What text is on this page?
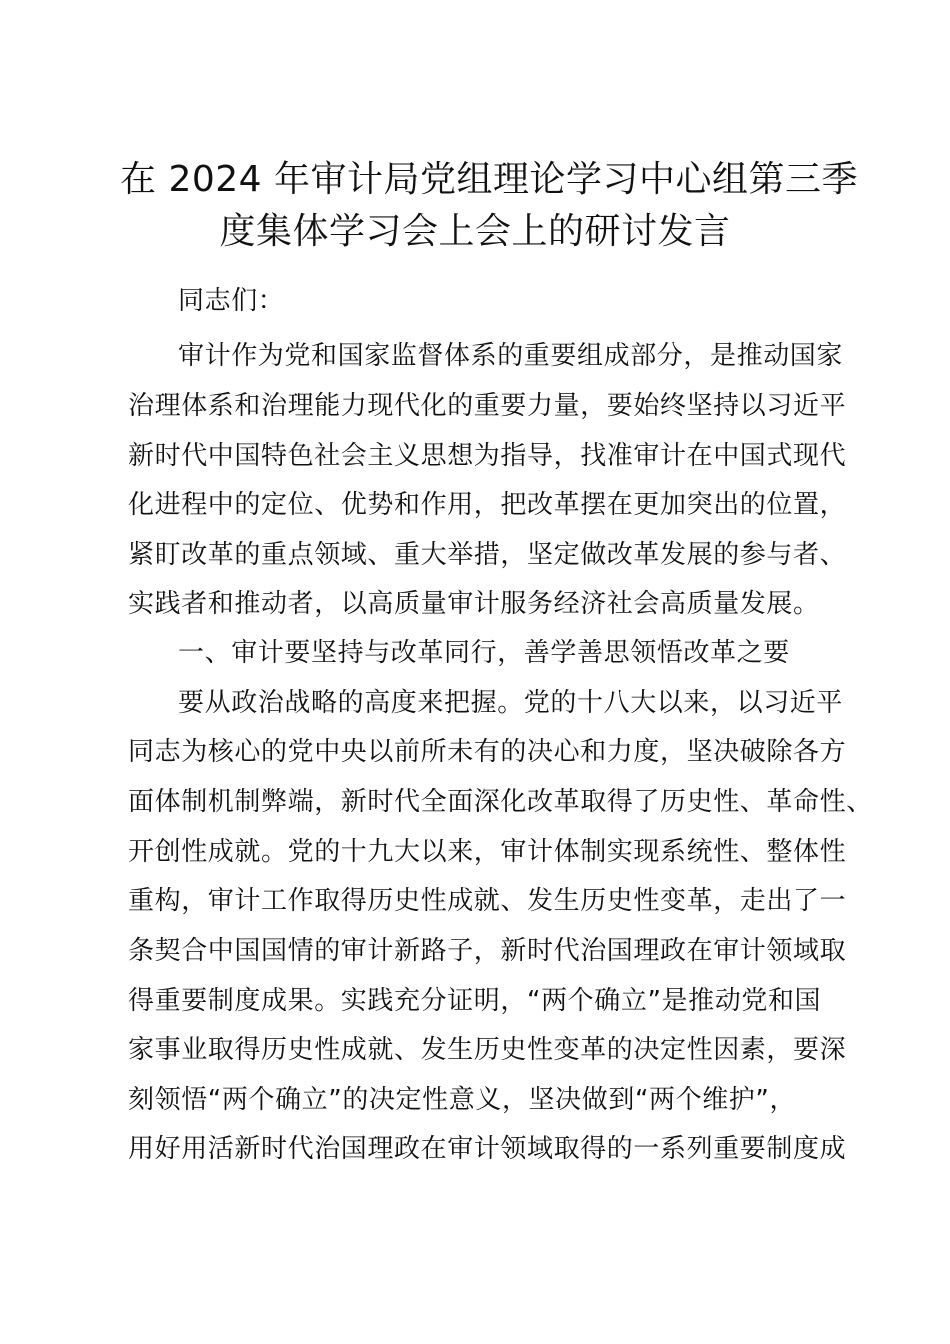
在 2024 年审计局党组理论学习中心组第三季
度集体学习会上会上的研讨发言
同志们：
审计作为党和国家监督体系的重要组成部分，是推动国家
治理体系和治理能力现代化的重要力量，要始终坚持以习近平
新时代中国特色社会主义思想为指导，找准审计在中国式现代
化进程中的定位、优势和作用，把改革摆在更加突出的位置，
紧盯改革的重点领域、重大举措，坚定做改革发展的参与者、
实践者和推动者，以高质量审计服务经济社会高质量发展。
一、审计要坚持与改革同行，善学善思领悟改革之要
要从政治战略的高度来把握。党的十八大以来，以习近平
同志为核心的党中央以前所未有的决心和力度，坚决破除各方
面体制机制弊端，新时代全面深化改革取得了历史性、革命性、
开创性成就。党的十九大以来，审计体制实现系统性、整体性
重构，审计工作取得历史性成就、发生历史性变革，走出了一
条契合中国国情的审计新路子，新时代治国理政在审计领域取
得重要制度成果。实践充分证明，“两个确立”是推动党和国
家事业取得历史性成就、发生历史性变革的决定性因素，要深
刻领悟“两个确立”的决定性意义，坚决做到“两个维护”，
用好用活新时代治国理政在审计领域取得的一系列重要制度成
